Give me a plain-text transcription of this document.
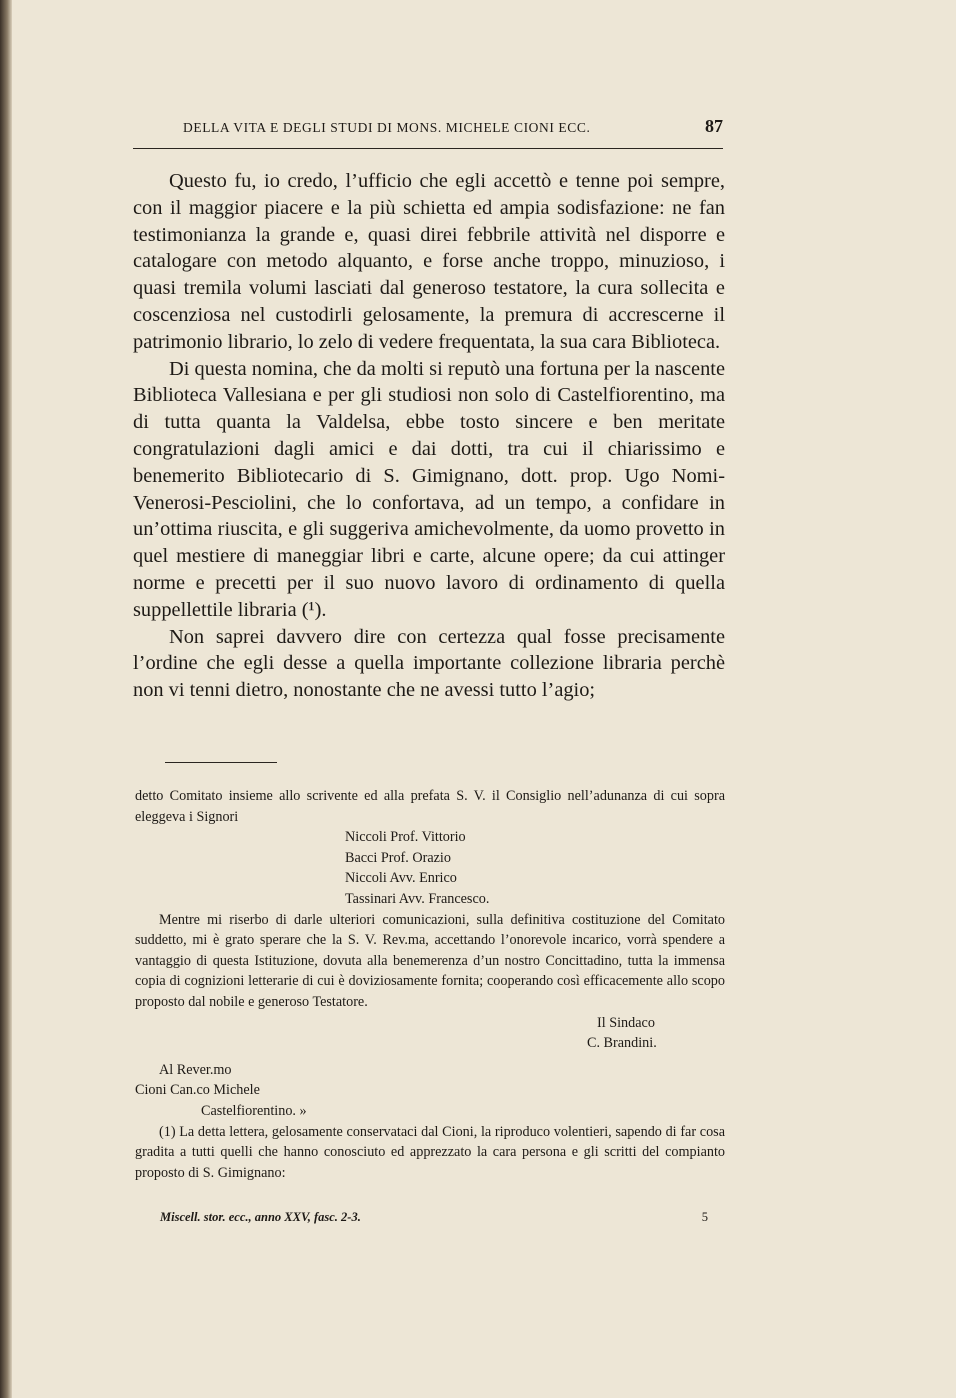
DELLA VITA E DEGLI STUDI DI MONS. MICHELE CIONI ECC.	87

Questo fu, io credo, l’ufficio che egli accettò e tenne poi sempre, con il maggior piacere e la più schietta ed ampia sodisfazione: ne fan testimonianza la grande e, quasi direi febbrile attività nel disporre e catalogare con metodo alquanto, e forse anche troppo, minuzioso, i quasi tremila volumi lasciati dal generoso testatore, la cura sollecita e coscenziosa nel custodirli gelosamente, la premura di accrescerne il patrimonio librario, lo zelo di vedere frequentata, la sua cara Biblioteca.

Di questa nomina, che da molti si reputò una fortuna per la nascente Biblioteca Vallesiana e per gli studiosi non solo di Castelfiorentino, ma di tutta quanta la Valdelsa, ebbe tosto sincere e ben meritate congratulazioni dagli amici e dai dotti, tra cui il chiarissimo e benemerito Bibliotecario di S. Gimignano, dott. prop. Ugo Nomi-Venerosi-Pesciolini, che lo confortava, ad un tempo, a confidare in un’ottima riuscita, e gli suggeriva amichevolmente, da uomo provetto in quel mestiere di maneggiar libri e carte, alcune opere; da cui attinger norme e precetti per il suo nuovo lavoro di ordinamento di quella suppellettile libraria (¹).

Non saprei davvero dire con certezza qual fosse precisamente l’ordine che egli desse a quella importante collezione libraria perchè non vi tenni dietro, nonostante che ne avessi tutto l’agio;

detto Comitato insieme allo scrivente ed alla prefata S. V. il Consiglio nell’adunanza di cui sopra eleggeva i Signori

Niccoli Prof. Vittorio
Bacci Prof. Orazio
Niccoli Avv. Enrico
Tassinari Avv. Francesco.

Mentre mi riserbo di darle ulteriori comunicazioni, sulla definitiva costituzione del Comitato suddetto, mi è grato sperare che la S. V. Rev.ma, accettando l’onorevole incarico, vorrà spendere a vantaggio di questa Istituzione, dovuta alla benemerenza d’un nostro Concittadino, tutta la immensa copia di cognizioni letterarie di cui è doviziosamente fornita; cooperando così efficacemente allo scopo proposto dal nobile e generoso Testatore.

Il Sindaco
C. Brandini.
Al Rever.mo
Cioni Can.co Michele
Castelfiorentino. »

(1) La detta lettera, gelosamente conservataci dal Cioni, la riproduco volentieri, sapendo di far cosa gradita a tutti quelli che hanno conosciuto ed apprezzato la cara persona e gli scritti del compianto proposto di S. Gimignano:

Miscell. stor. ecc., anno XXV, fasc. 2-3.	5
